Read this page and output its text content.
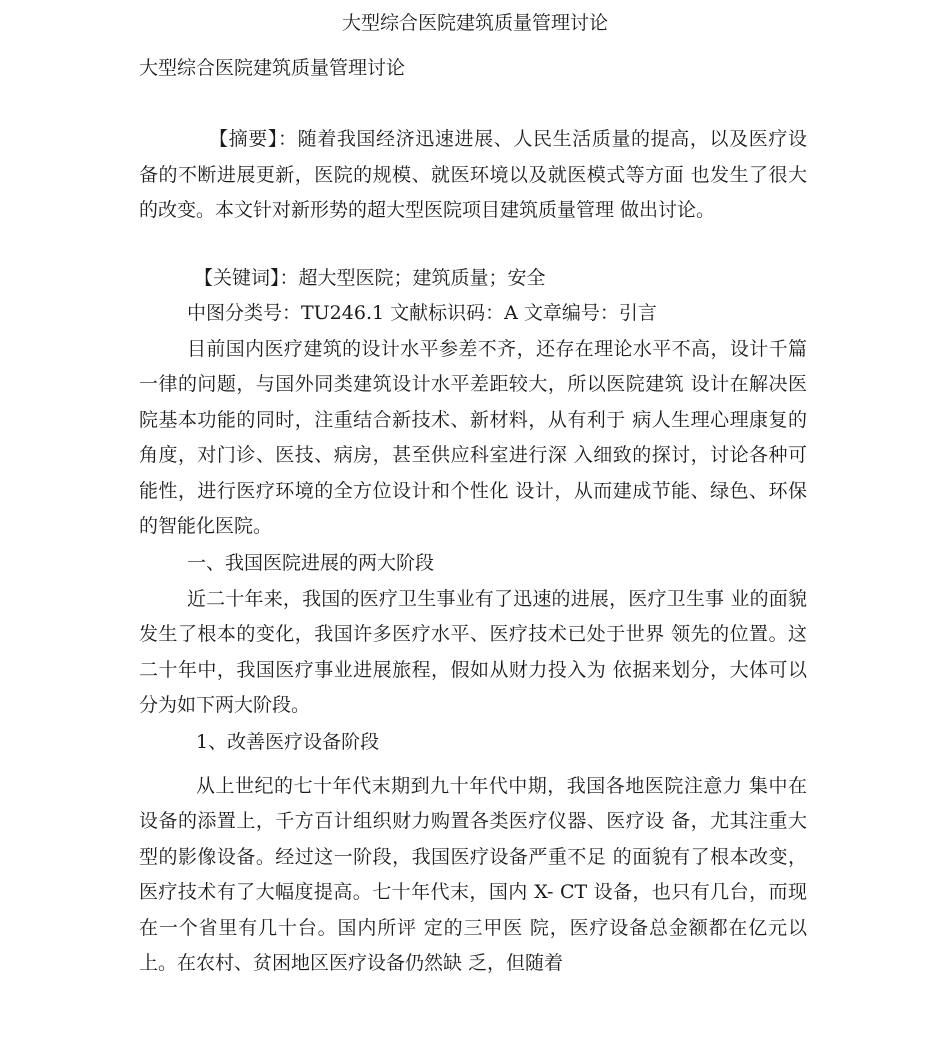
大型综合医院建筑质量管理讨论

大型综合医院建筑质量管理讨论

【摘要】：随着我国经济迅速进展、人民生活质量的提高，以及医疗设备的不断进展更新，医院的规模、就医环境以及就医模式等方面 也发生了很大的改变。本文针对新形势的超大型医院项目建筑质量管理 做出讨论。

【关键词】：超大型医院；建筑质量；安全

中图分类号：TU246.1 文献标识码：A 文章编号：引言

目前国内医疗建筑的设计水平参差不齐，还存在理论水平不高，设计千篇一律的问题，与国外同类建筑设计水平差距较大，所以医院建筑 设计在解决医院基本功能的同时，注重结合新技术、新材料，从有利于 病人生理心理康复的角度，对门诊、医技、病房，甚至供应科室进行深 入细致的探讨，讨论各种可能性，进行医疗环境的全方位设计和个性化 设计，从而建成节能、绿色、环保的智能化医院。

一、我国医院进展的两大阶段

近二十年来，我国的医疗卫生事业有了迅速的进展，医疗卫生事 业的面貌发生了根本的变化，我国许多医疗水平、医疗技术已处于世界 领先的位置。这二十年中，我国医疗事业进展旅程，假如从财力投入为 依据来划分，大体可以分为如下两大阶段。

1、改善医疗设备阶段

从上世纪的七十年代末期到九十年代中期，我国各地医院注意力 集中在设备的添置上，千方百计组织财力购置各类医疗仪器、医疗设 备，尤其注重大型的影像设备。经过这一阶段，我国医疗设备严重不足 的面貌有了根本改变，医疗技术有了大幅度提高。七十年代末，国内 X- CT 设备，也只有几台，而现在一个省里有几十台。国内所评 定的三甲医 院，医疗设备总金额都在亿元以上。在农村、贫困地区医疗设备仍然缺 乏，但随着
